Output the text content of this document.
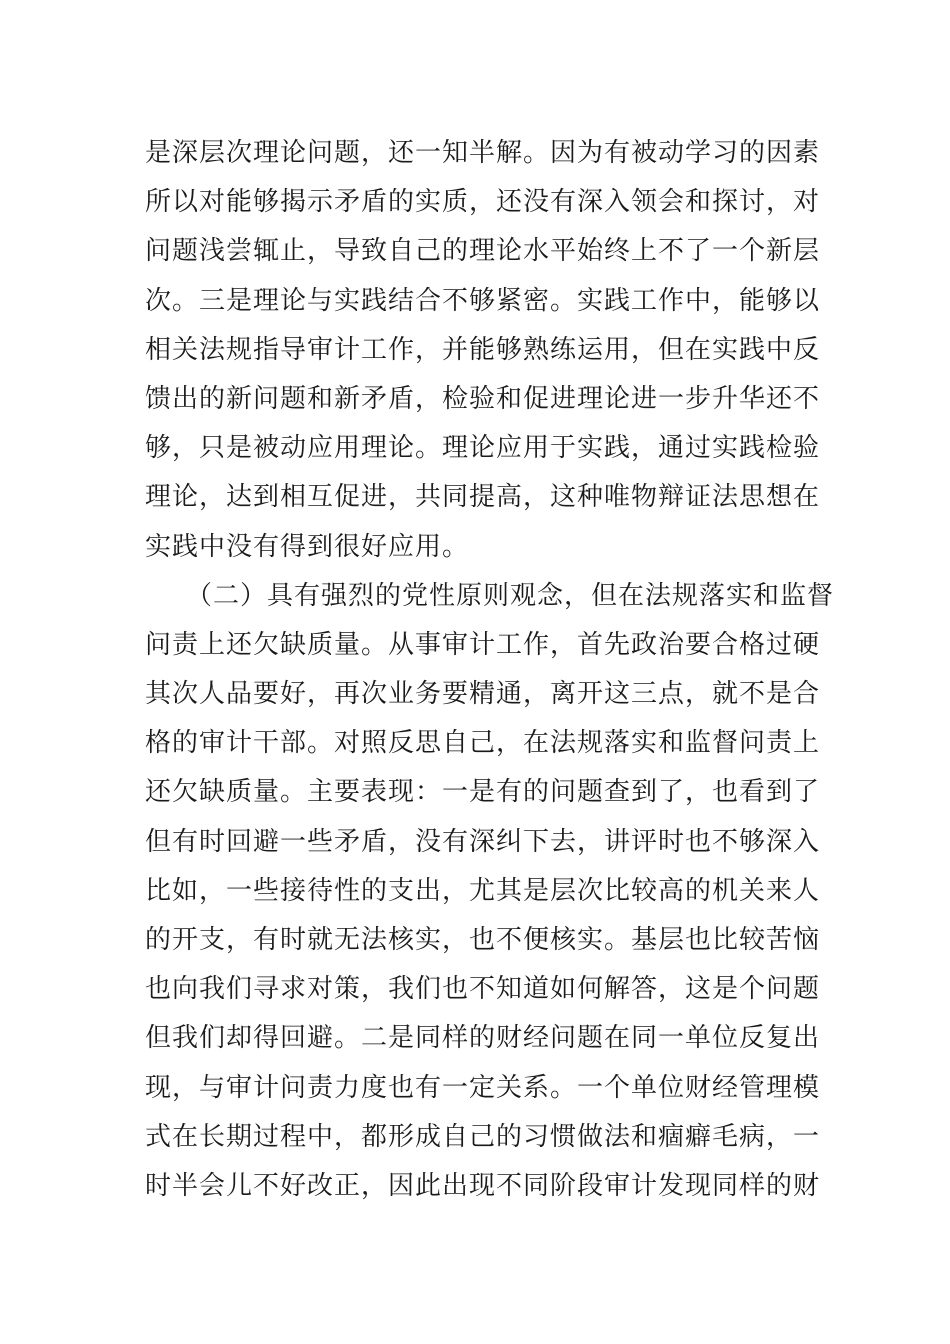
是深层次理论问题，还一知半解。因为有被动学习的因素
所以对能够揭示矛盾的实质，还没有深入领会和探讨，对
问题浅尝辄止，导致自己的理论水平始终上不了一个新层
次。三是理论与实践结合不够紧密。实践工作中，能够以
相关法规指导审计工作，并能够熟练运用，但在实践中反
馈出的新问题和新矛盾，检验和促进理论进一步升华还不
够，只是被动应用理论。理论应用于实践，通过实践检验
理论，达到相互促进，共同提高，这种唯物辩证法思想在
实践中没有得到很好应用。
　　（二）具有强烈的党性原则观念，但在法规落实和监督
问责上还欠缺质量。从事审计工作，首先政治要合格过硬
其次人品要好，再次业务要精通，离开这三点，就不是合
格的审计干部。对照反思自己，在法规落实和监督问责上
还欠缺质量。主要表现：一是有的问题查到了，也看到了
但有时回避一些矛盾，没有深纠下去，讲评时也不够深入
比如，一些接待性的支出，尤其是层次比较高的机关来人
的开支，有时就无法核实，也不便核实。基层也比较苦恼
也向我们寻求对策，我们也不知道如何解答，这是个问题
但我们却得回避。二是同样的财经问题在同一单位反复出
现，与审计问责力度也有一定关系。一个单位财经管理模
式在长期过程中，都形成自己的习惯做法和痼癖毛病，一
时半会儿不好改正，因此出现不同阶段审计发现同样的财
